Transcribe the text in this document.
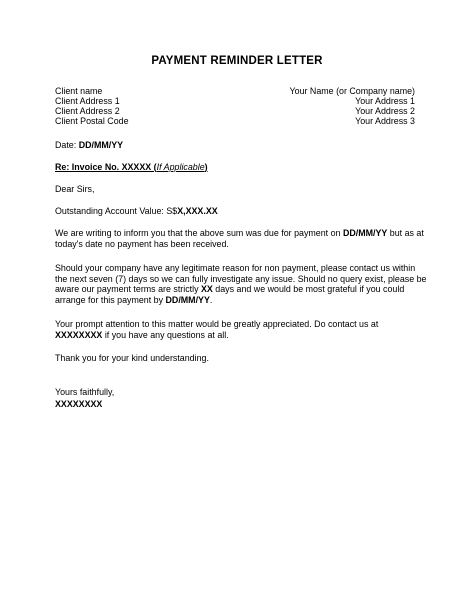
PAYMENT REMINDER LETTER
Client name
Client Address 1
Client Address 2
Client Postal Code
Your Name (or Company name)
Your Address 1
Your Address 2
Your Address 3
Date: DD/MM/YY
Re: Invoice No. XXXXX (If Applicable)
Dear Sirs,
Outstanding Account Value: S$X,XXX.XX
We are writing to inform you that the above sum was due for payment on DD/MM/YY but as at today's date no payment has been received.
Should your company have any legitimate reason for non payment, please contact us within the next seven (7) days so we can fully investigate any issue. Should no query exist, please be aware our payment terms are strictly XX days and we would be most grateful if you could arrange for this payment by DD/MM/YY.
Your prompt attention to this matter would be greatly appreciated. Do contact us at XXXXXXXX if you have any questions at all.
Thank you for your kind understanding.
Yours faithfully,
XXXXXXXX
